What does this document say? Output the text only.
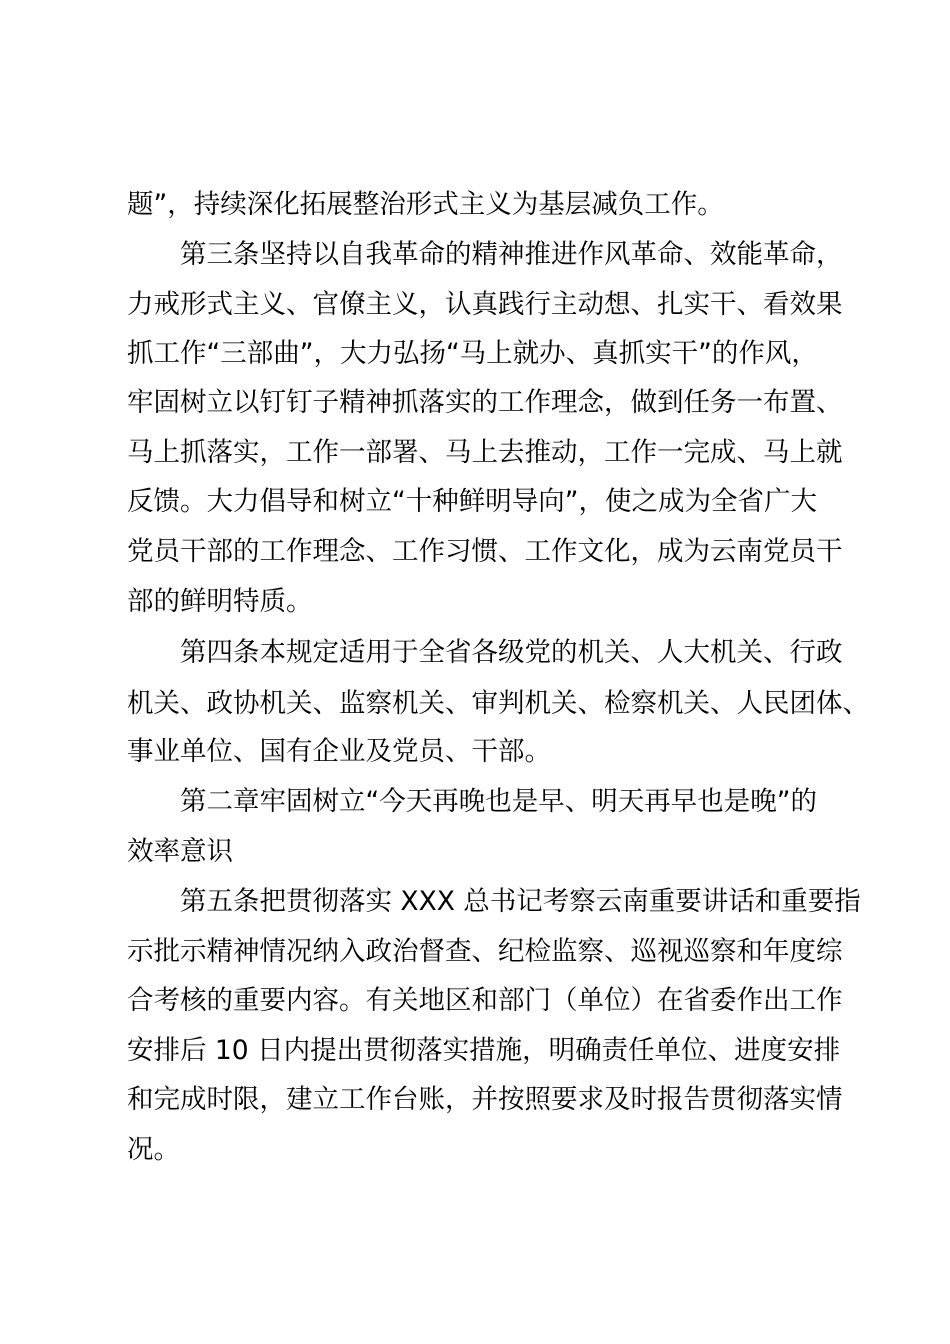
题”，持续深化拓展整治形式主义为基层减负工作。
第三条坚持以自我革命的精神推进作风革命、效能革命，
力戒形式主义、官僚主义，认真践行主动想、扎实干、看效果
抓工作“三部曲”，大力弘扬“马上就办、真抓实干”的作风，
牢固树立以钉钉子精神抓落实的工作理念，做到任务一布置、
马上抓落实，工作一部署、马上去推动，工作一完成、马上就
反馈。大力倡导和树立“十种鲜明导向”，使之成为全省广大
党员干部的工作理念、工作习惯、工作文化，成为云南党员干
部的鲜明特质。
第四条本规定适用于全省各级党的机关、人大机关、行政
机关、政协机关、监察机关、审判机关、检察机关、人民团体、
事业单位、国有企业及党员、干部。
第二章牢固树立“今天再晚也是早、明天再早也是晚”的
效率意识
第五条把贯彻落实 XXX 总书记考察云南重要讲话和重要指
示批示精神情况纳入政治督查、纪检监察、巡视巡察和年度综
合考核的重要内容。有关地区和部门（单位）在省委作出工作
安排后 10 日内提出贯彻落实措施，明确责任单位、进度安排
和完成时限，建立工作台账，并按照要求及时报告贯彻落实情
况。
